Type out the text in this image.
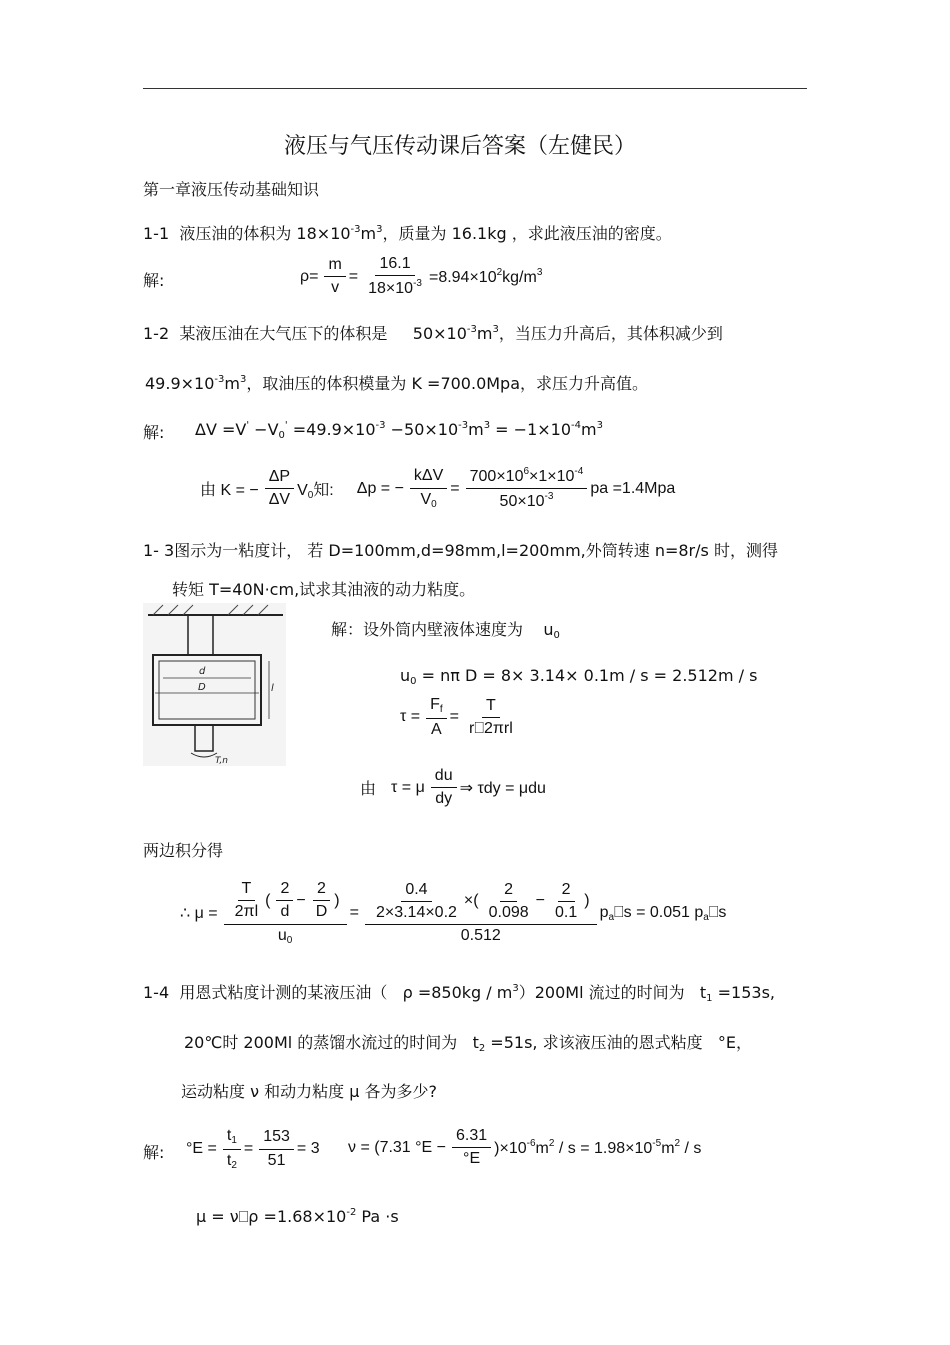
液压与气压传动课后答案（左健民）
第一章液压传动基础知识
1-1 液压油的体积为 $18\times 10^{-3}m^3$，质量为 16.1kg ，求此液压油的密度。
解:	$\rho= \frac{m}{v} = \frac{16.1}{18\times 10^{-3}} =8.94\times 10^2kg/m^3$
1-2 某液压油在大气压下的体积是 $50\times 10^{-3}m^3$，当压力升高后，其体积减少到
$49.9\times 10^{-3}m^3$，取油压的体积模量为 K =700.0Mpa，求压力升高值。
解: $\Delta V =V' -V_0' =49.9\times 10^{-3} -50\times 10^{-3}m^3 = -1\times 10^{-4}m^3$
由 K = − $\frac{\Delta P}{\Delta V} V_0$知: Δp = − $\frac{\text{kΔV}}{V_0} = \frac{700\times 10^6\times 1\times 10^{-4}}{50\times 10^{-3}}$ pa =1.4Mpa
1- 3图示为一粘度计， 若 D=100mm,d=98mm,l=200mm,外筒转速 n=8r/s 时，测得
转矩 T=40N·cm,试求其油液的动力粘度。
d
D	l
T,n
解：设外筒内壁液体速度为 $u_0$
$u_0 = n\pi$ D = 8× 3.14× 0.1m / s = 2.512m / s
$\tau = \frac{F_f}{A} = \frac{T}{\text{r⎕2πrl}}$
由 τ = μ $\frac{du}{dy}$ ⇒ τdy = μdu
两边积分得
∴ $\mu = \frac{\frac{T}{2\pi l} ( \frac{2}{d} - \frac{2}{D} )}{u_0} = \frac{0.4}{2\times 3.14\times 0.2}$ ×( $\frac{2}{0.098} - \frac{2}{0.1}$ )
0.512
$p_a⎕s = 0.051$ $p_a⎕s$
1-4 用恩式粘度计测的某液压油（ $\rho =850kg / m^3)200Ml$ 流过的时间为 $t_1 =153s$,
20℃时 200Ml 的蒸馏水流过的时间为 $t_2 =51s$, 求该液压油的恩式粘度 °E，
运动粘度 ν 和动力粘度 μ 各为多少?
解: $^\circ E = \frac{t_1}{t_2} = \frac{153}{51} = 3$ ν = (7.31 $^\circ E - \frac{6.31}{^\circ E} )\times 10^{-6}m^2 / s = 1.98\times 10^{-5}m^2 / s$
μ = ν⎕ρ $=1.68\times 10^{-2}$ Pa ·s
